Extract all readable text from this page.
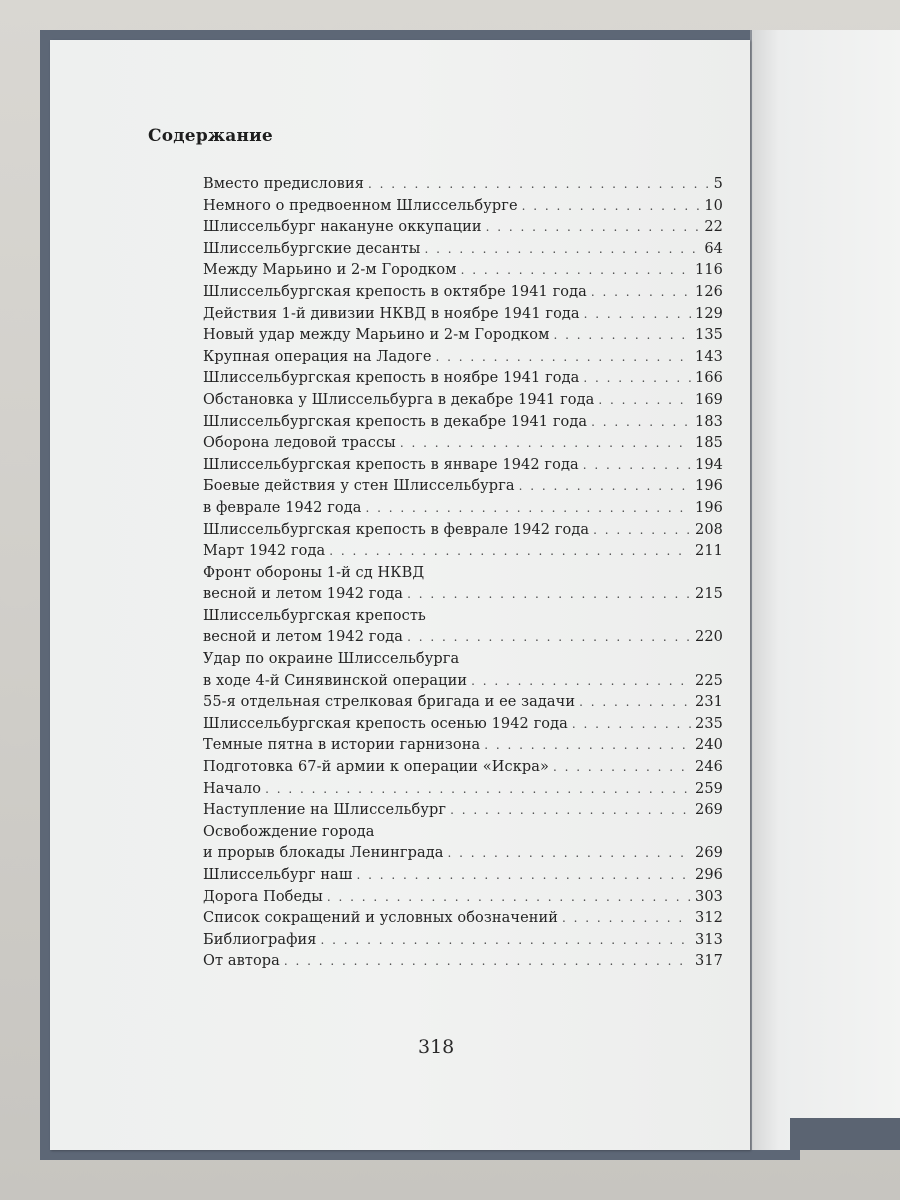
Содержание
Вместо предисловия . . .	5
Немного о предвоенном Шлиссельбурге . . .	10
Шлиссельбург накануне оккупации . . .	22
Шлиссельбургские десанты . . .	64
Между Марьино и 2-м Городком . . .	116
Шлиссельбургская крепость в октябре 1941 года . . .	126
Действия 1-й дивизии НКВД в ноябре 1941 года . . .	129
Новый удар между Марьино и 2-м Городком . . .	135
Крупная операция на Ладоге . . .	143
Шлиссельбургская крепость в ноябре 1941 года . . .	166
Обстановка у Шлиссельбурга в декабре 1941 года . . .	169
Шлиссельбургская крепость в декабре 1941 года . . .	183
Оборона ледовой трассы . . .	185
Шлиссельбургская крепость в январе 1942 года . . .	194
Боевые действия у стен Шлиссельбурга . . .	196
в феврале 1942 года . . .	196
Шлиссельбургская крепость в феврале 1942 года . . .	208
Март 1942 года . . .	211
Фронт обороны 1-й сд НКВД
весной и летом 1942 года . . .	215
Шлиссельбургская крепость
весной и летом 1942 года . . .	220
Удар по окраине Шлиссельбурга
в ходе 4-й Синявинской операции . . .	225
55-я отдельная стрелковая бригада и ее задачи . . .	231
Шлиссельбургская крепость осенью 1942 года . . .	235
Темные пятна в истории гарнизона . . .	240
Подготовка 67-й армии к операции «Искра» . . .	246
Начало . . .	259
Наступление на Шлиссельбург . . .	269
Освобождение города
и прорыв блокады Ленинграда . . .	269
Шлиссельбург наш . . .	296
Дорога Победы . . .	303
Список сокращений и условных обозначений . . .	312
Библиография . . .	313
От автора . . .	317
318
